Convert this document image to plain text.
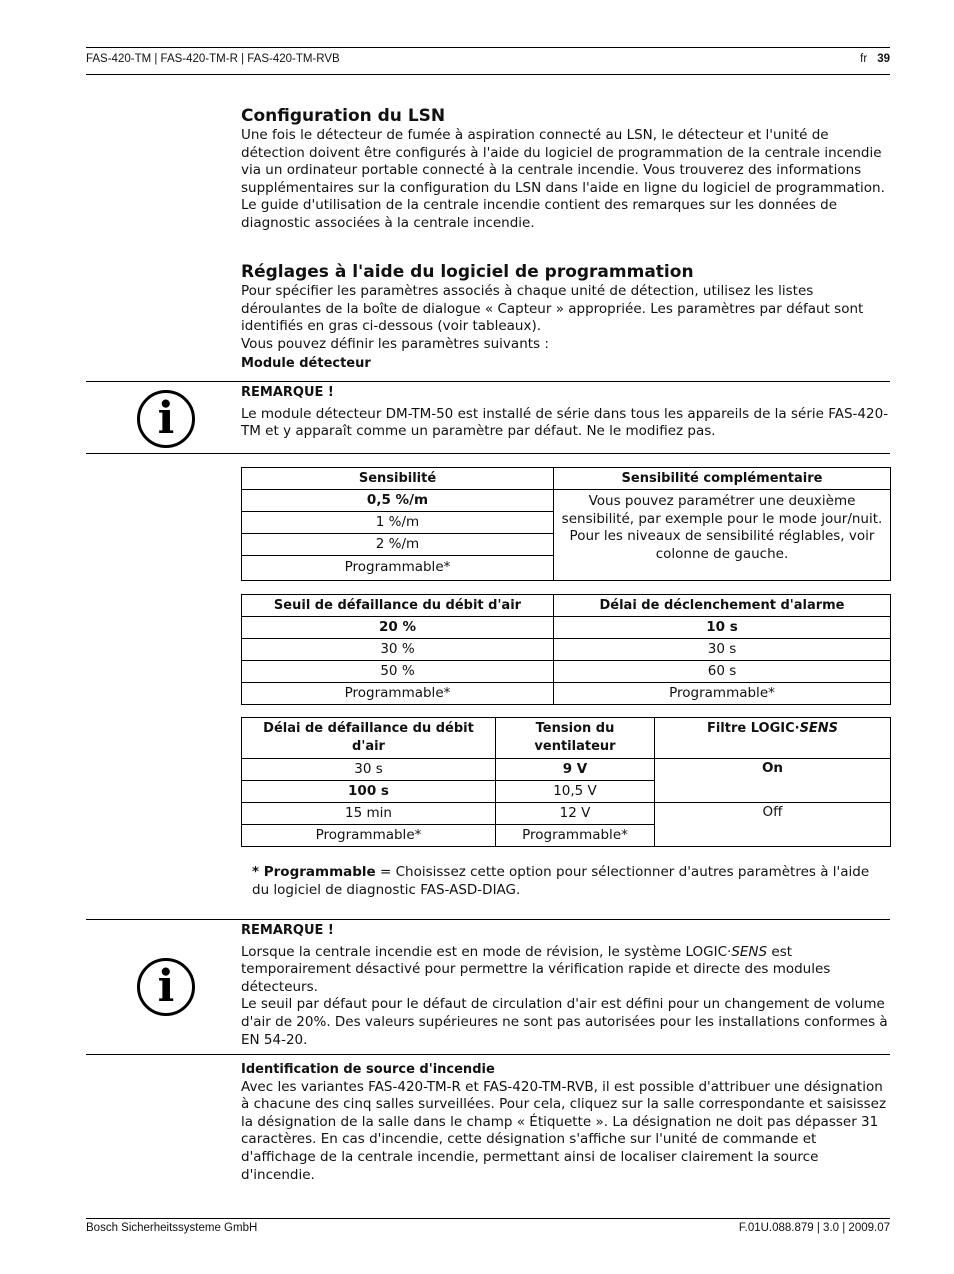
FAS-420-TM | FAS-420-TM-R | FAS-420-TM-RVB	fr 39
Configuration du LSN

Une fois le détecteur de fumée à aspiration connecté au LSN, le détecteur et l'unité de détection doivent être configurés à l'aide du logiciel de programmation de la centrale incendie via un ordinateur portable connecté à la centrale incendie. Vous trouverez des informations supplémentaires sur la configuration du LSN dans l'aide en ligne du logiciel de programmation.

Le guide d'utilisation de la centrale incendie contient des remarques sur les données de diagnostic associées à la centrale incendie.

Réglages à l'aide du logiciel de programmation

Pour spécifier les paramètres associés à chaque unité de détection, utilisez les listes déroulantes de la boîte de dialogue « Capteur » appropriée. Les paramètres par défaut sont identifiés en gras ci-dessous (voir tableaux).

Vous pouvez définir les paramètres suivants :

Module détecteur

i
REMARQUE !

Le module détecteur DM-TM-50 est installé de série dans tous les appareils de la série FAS-420-TM et y apparaît comme un paramètre par défaut. Ne le modifiez pas.

Sensibilité	Sensibilité complémentaire
0,5 %/m	Vous pouvez paramétrer une deuxième sensibilité, par exemple pour le mode jour/nuit. Pour les niveaux de sensibilité réglables, voir colonne de gauche.
1 %/m	
2 %/m	
Programmable*	
Seuil de défaillance du débit d'air	Délai de déclenchement d'alarme
20 %	10 s
30 %	30 s
50 %	60 s
Programmable*	Programmable*
Délai de défaillance du débit d'air	Tension du ventilateur	Filtre LOGIC·SENS
30 s	9 V	On
100 s	10,5 V	
15 min	12 V	Off
Programmable*	Programmable*	

* Programmable = Choisissez cette option pour sélectionner d'autres paramètres à l'aide du logiciel de diagnostic FAS-ASD-DIAG.

i
REMARQUE !

Lorsque la centrale incendie est en mode de révision, le système LOGIC·SENS est temporairement désactivé pour permettre la vérification rapide et directe des modules détecteurs.

Le seuil par défaut pour le défaut de circulation d'air est défini pour un changement de volume d'air de 20%. Des valeurs supérieures ne sont pas autorisées pour les installations conformes à EN 54-20.

Identification de source d'incendie

Avec les variantes FAS-420-TM-R et FAS-420-TM-RVB, il est possible d'attribuer une désignation à chacune des cinq salles surveillées. Pour cela, cliquez sur la salle correspondante et saisissez la désignation de la salle dans le champ « Étiquette ». La désignation ne doit pas dépasser 31 caractères. En cas d'incendie, cette désignation s'affiche sur l'unité de commande et d'affichage de la centrale incendie, permettant ainsi de localiser clairement la source d'incendie.

Bosch Sicherheitssysteme GmbH	F.01U.088.879 | 3.0 | 2009.07
